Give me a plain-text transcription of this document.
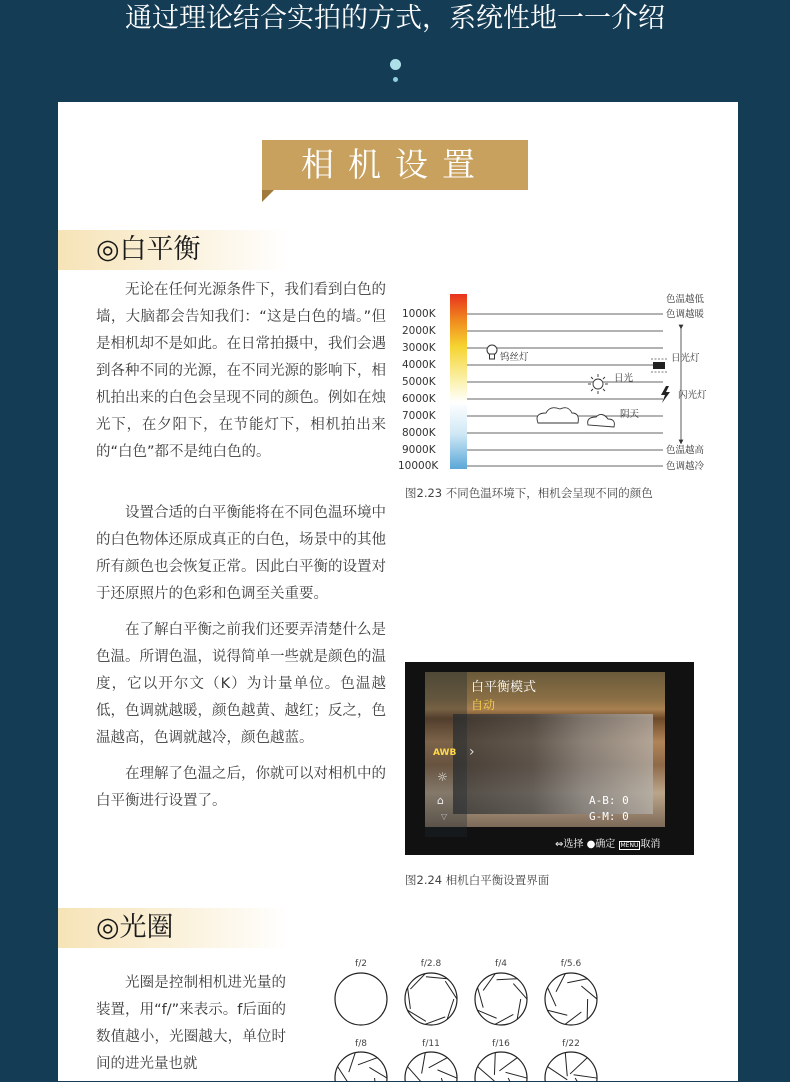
通过理论结合实拍的方式，系统性地一一介绍
相机设置
◎白平衡

无论在任何光源条件下，我们看到白色的墙，大脑都会告知我们：“这是白色的墙。”但是相机却不是如此。在日常拍摄中，我们会遇到各种不同的光源，在不同光源的影响下，相机拍出来的白色会呈现不同的颜色。例如在烛光下，在夕阳下，在节能灯下，相机拍出来的“白色”都不是纯白色的。

设置合适的白平衡能将在不同色温环境中的白色物体还原成真正的白色，场景中的其他所有颜色也会恢复正常。因此白平衡的设置对于还原照片的色彩和色调至关重要。

在了解白平衡之前我们还要弄清楚什么是色温。所谓色温，说得简单一些就是颜色的温度，它以开尔文（K）为计量单位。色温越低，色调就越暖，颜色越黄、越红；反之，色温越高，色调就越冷，颜色越蓝。

在理解了色温之后，你就可以对相机中的白平衡进行设置了。

1000K
2000K
3000K
4000K
5000K
6000K
7000K
8000K
9000K
10000K
色温越低
色调越暖
色温越高
色调越冷
钨丝灯	日光灯
日光
闪光灯
阴天
图2.23 不同色温环境下，相机会呈现不同的颜色
白平衡模式
自动
AWB ›
☼
⌂
▽
A-B: 0
G-M: 0
⇔选择 ●确定 MENU 取消
图2.24 相机白平衡设置界面
◎光圈

光圈是控制相机进光量的装置，用“f/”来表示。f后面的数值越小，光圈越大，单位时间的进光量也就

f/2	f/2.8	f/4	f/5.6
f/8	f/11	f/16	f/22
